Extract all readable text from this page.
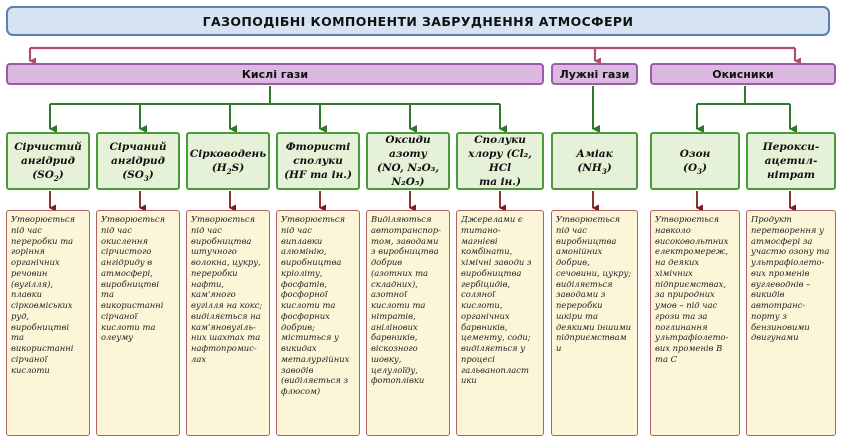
ГАЗОПОДІБНІ КОМПОНЕНТИ ЗАБРУДНЕННЯ АТМОСФЕРИ
Кислі гази	Лужні гази	Окисники
Сірчистий
ангідрид $(SO_2)$
Сірчаний
ангідрид $(SO_3)$
Сірководень
$(H_2S)$
Фтористі
сполуки
(HF та ін.)
Оксиди азоту
(NO, N₂O₃,
N₂O₅)
Сполуки
хлору (Cl₂, HCl
та ін.)
Аміак
$(NH_3)$
Озон
$(O_3)$
Перокси-
ацетил-
нітрат
Утворюється
під час
переробки та
горіння
органічних
речовин
(вугілля),
плавки
сірковміських
руд,
виробництві
та
використанні
сірчаної
кислоти
Утворюється
під час
окислення
сірчистого
ангідриду в
атмосфері,
виробництві
та
використанні
сірчаної
кислоти та
олеуму
Утворюється
під час
виробництва
штучного
волокна, цукру,
переробки
нафти,
кам'яного
вугілля на кокс;
виділяється на
кам'яновугіль-
них шахтах та
нафтопромис-
лах
Утворюється
під час виплавки
алюмінію,
виробництва
кріоліту,
фосфатів,
фосфорної
кислоти та
фосфорних
добрив;
міститься у
викидах
металургійних
заводів
(виділяється з
флюсом)
Виділяються
автотранспор-
том, заводами
з виробництва
добрив
(азотних та
складних),
азотної
кислоти та
нітратів,
анілінових
барвників,
віскозного
шовку,
целулоїду,
фотоплівки
Джерелами є
титано-
магнієві
комбінати,
хімічні заводи з
виробництва
гербіцидів,
соляної
кислоти,
органічних
барвників,
цементу, соди;
виділяється у
процесі
гальванопласт
ики
Утворюється
під час
виробництва
амонійних
добрив,
сечовини, цукру;
виділяється
заводами з
переробки
шкіри та
деякими іншими
підприємствам
и
Утворюється
навколо
високовольтних
електромереж,
на деяких
хімічних
підприємствах,
за природних
умов – під час
грози та за
поглинання
ультрафіолето-
вих променів В
та С
Продукт
перетворення у
атмосфері за
участю озону та
ультрафіолето-
вих променів
вуглеводнів –
викидів
автотранс-
порту з
бензиновими
двигунами
